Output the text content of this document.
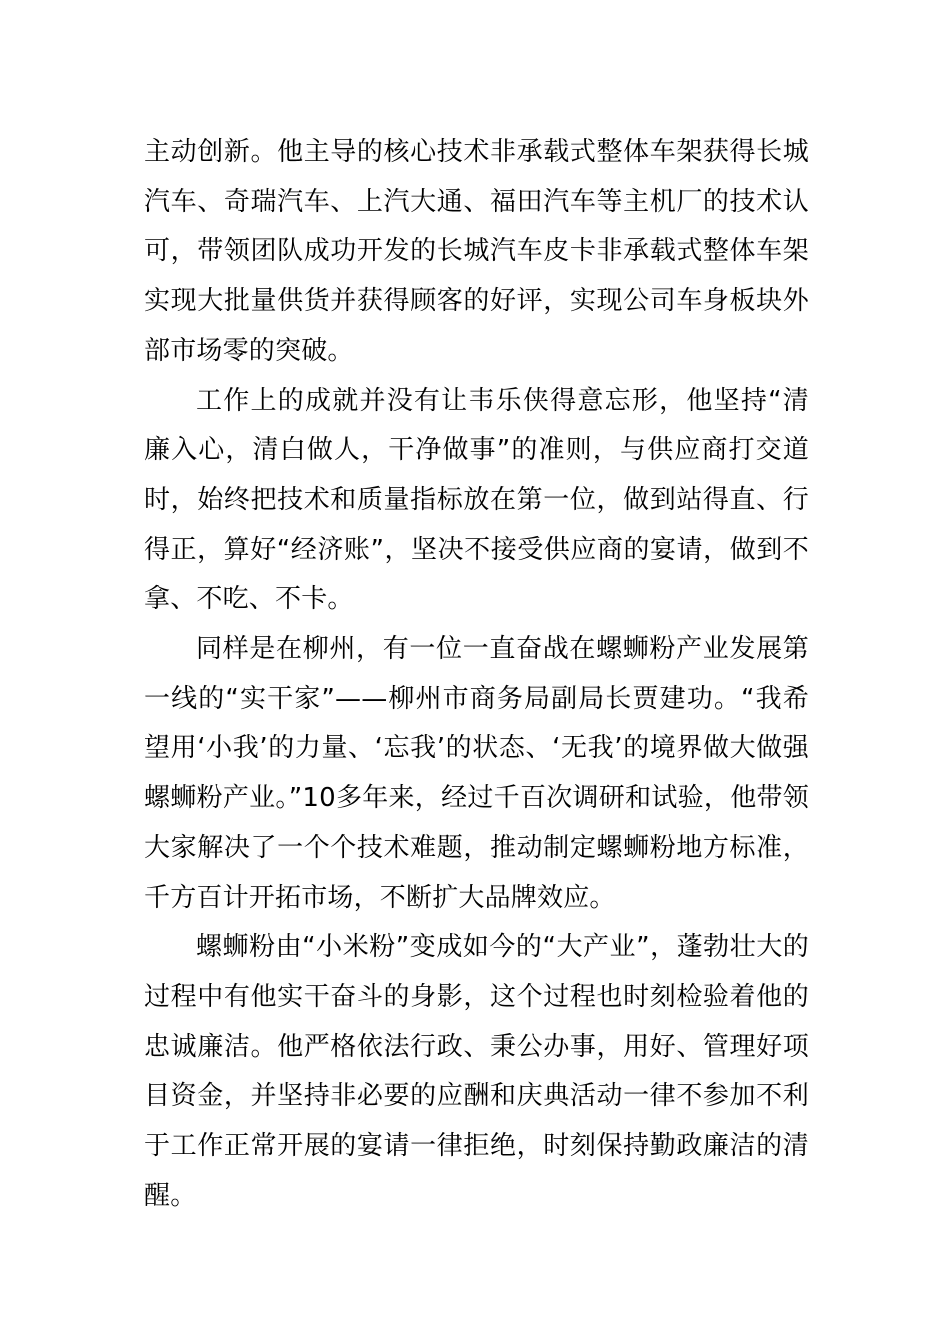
主动创新。他主导的核心技术非承载式整体车架获得长城汽车、奇瑞汽车、上汽大通、福田汽车等主机厂的技术认可，带领团队成功开发的长城汽车皮卡非承载式整体车架实现大批量供货并获得顾客的好评，实现公司车身板块外部市场零的突破。

工作上的成就并没有让韦乐侠得意忘形，他坚持“清廉入心，清白做人，干净做事”的准则，与供应商打交道时，始终把技术和质量指标放在第一位，做到站得直、行得正，算好“经济账”，坚决不接受供应商的宴请，做到不拿、不吃、不卡。

同样是在柳州，有一位一直奋战在螺蛳粉产业发展第一线的“实干家”——柳州市商务局副局长贾建功。“我希望用‘小我’的力量、‘忘我’的状态、‘无我’的境界做大做强螺蛳粉产业。”10多年来，经过千百次调研和试验，他带领大家解决了一个个技术难题，推动制定螺蛳粉地方标准，千方百计开拓市场，不断扩大品牌效应。

螺蛳粉由“小米粉”变成如今的“大产业”，蓬勃壮大的过程中有他实干奋斗的身影，这个过程也时刻检验着他的忠诚廉洁。他严格依法行政、秉公办事，用好、管理好项目资金，并坚持非必要的应酬和庆典活动一律不参加不利于工作正常开展的宴请一律拒绝，时刻保持勤政廉洁的清醒。
